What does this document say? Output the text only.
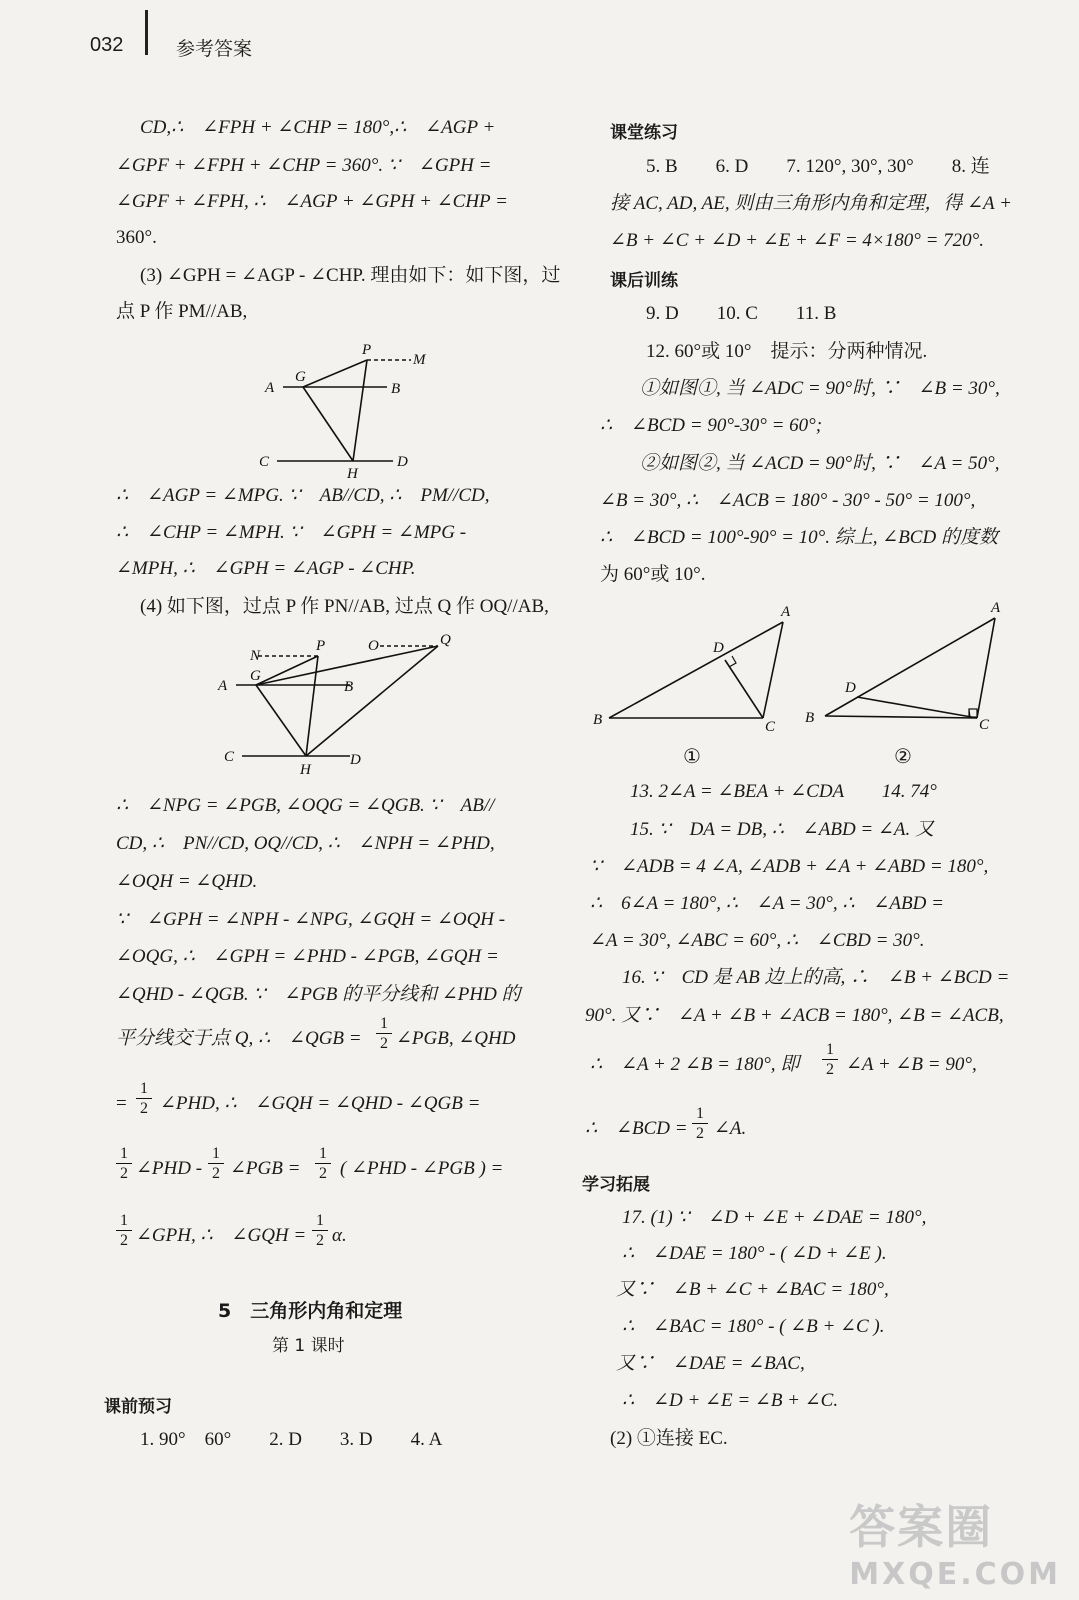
032	参考答案
CD,∴　∠FPH + ∠CHP = 180°,∴　∠AGP +
∠GPF + ∠FPH + ∠CHP = 360°. ∵　∠GPH =
∠GPF + ∠FPH, ∴　∠AGP + ∠GPH + ∠CHP =
360°.
(3) ∠GPH = ∠AGP - ∠CHP. 理由如下：如下图，过
点 P 作 PM//AB,
P
M
A
G
B
C
H
D
∴　∠AGP = ∠MPG. ∵　AB//CD, ∴　PM//CD,
∴　∠CHP = ∠MPH. ∵　∠GPH = ∠MPG -
∠MPH, ∴　∠GPH = ∠AGP - ∠CHP.
(4) 如下图，过点 P 作 PN//AB, 过点 Q 作 OQ//AB,
N
P	O	Q
A
G
B
C
H
D
∴　∠NPG = ∠PGB, ∠OQG = ∠QGB. ∵　AB//
CD, ∴　PN//CD, OQ//CD, ∴　∠NPH = ∠PHD,
∠OQH = ∠QHD.
∵　∠GPH = ∠NPH - ∠NPG, ∠GQH = ∠OQH -
∠OQG, ∴　∠GPH = ∠PHD - ∠PGB, ∠GQH =
∠QHD - ∠QGB. ∵　∠PGB 的平分线和 ∠PHD 的
平分线交于点 Q, ∴　∠QGB = $\frac{1}{2}$ ∠PGB, ∠QHD
= $\frac{1}{2}$ ∠PHD, ∴　∠GQH = ∠QHD - ∠QGB =
$\frac{1}{2}$ ∠PHD - $\frac{1}{2}$ ∠PGB = $\frac{1}{2}$ ( ∠PHD - ∠PGB ) =
$\frac{1}{2}$ ∠GPH, ∴　∠GQH = $\frac{1}{2} \alpha$.
5　三角形内角和定理
第 1 课时
课前预习
1. 90°　60°　　2. D　　3. D　　4. A
课堂练习
5. B　　6. D　　7. 120°, 30°, 30°　　8. 连
接 AC, AD, AE, 则由三角形内角和定理，得 ∠A +
∠B + ∠C + ∠D + ∠E + ∠F = 4×180° = 720°.
课后训练
9. D　　10. C　　11. B
12. 60°或 10°　提示：分两种情况.
①如图①, 当 ∠ADC = 90°时, ∵　∠B = 30°,
∴　∠BCD = 90°-30° = 60°;
②如图②, 当 ∠ACD = 90°时, ∵　∠A = 50°,
∠B = 30°, ∴　∠ACB = 180° - 30° - 50° = 100°,
∴　∠BCD = 100°-90° = 10°. 综上, ∠BCD 的度数
为 60°或 10°.
A
D
B	C
A
D
B	C
①	②
13. 2∠A = ∠BEA + ∠CDA　　14. 74°
15. ∵　DA = DB, ∴　∠ABD = ∠A. 又
∵　∠ADB = 4 ∠A, ∠ADB + ∠A + ∠ABD = 180°,
∴　6∠A = 180°, ∴　∠A = 30°, ∴　∠ABD =
∠A = 30°, ∠ABC = 60°, ∴　∠CBD = 30°.
16. ∵　CD 是 AB 边上的高, ∴　∠B + ∠BCD =
90°. 又∵　∠A + ∠B + ∠ACB = 180°, ∠B = ∠ACB,
∴　∠A + 2 ∠B = 180°, 即 $\frac{1}{2}$ ∠A + ∠B = 90°,
∴　∠BCD = $\frac{1}{2}$ ∠A.
学习拓展
17. (1) ∵　∠D + ∠E + ∠DAE = 180°,
∴　∠DAE = 180° - ( ∠D + ∠E ).
又∵　∠B + ∠C + ∠BAC = 180°,
∴　∠BAC = 180° - ( ∠B + ∠C ).
又∵　∠DAE = ∠BAC,
∴　∠D + ∠E = ∠B + ∠C.
(2) ①连接 EC.
答案圈
MXQE.COM
